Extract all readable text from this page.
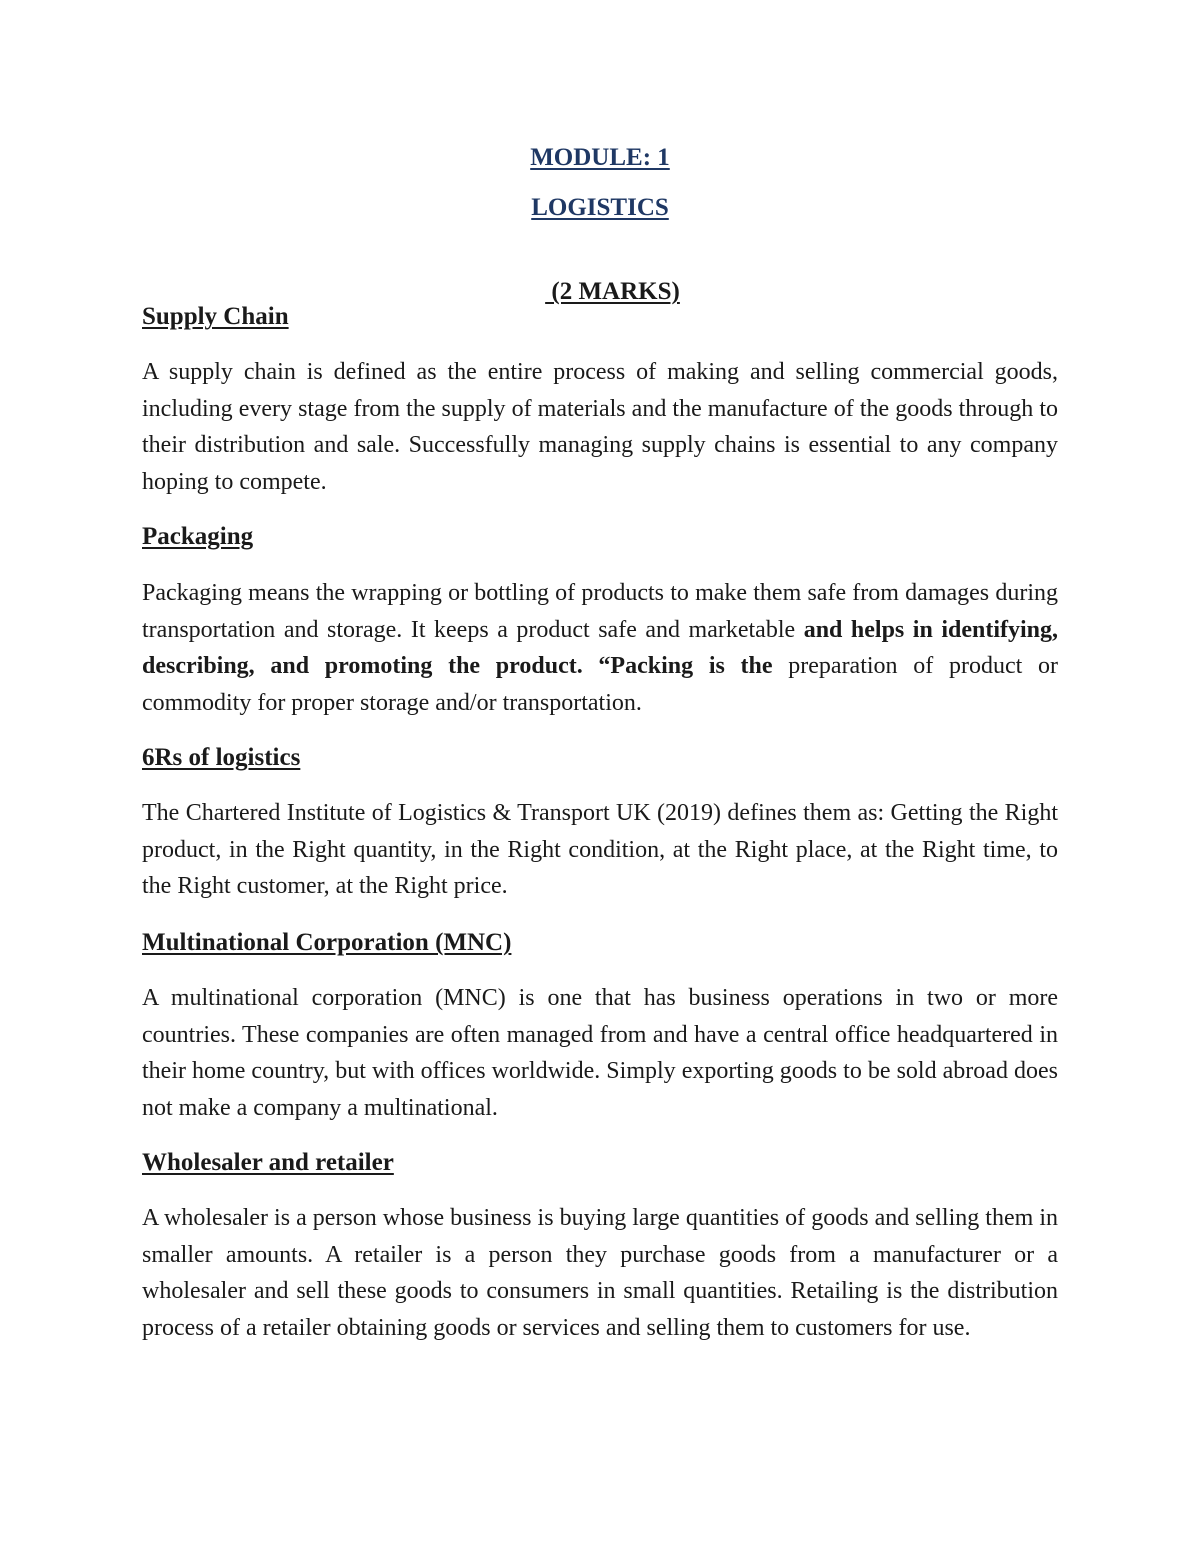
MODULE: 1
LOGISTICS

(2 MARKS)

Supply Chain

A supply chain is defined as the entire process of making and selling commercial goods, including every stage from the supply of materials and the manufacture of the goods through to their distribution and sale. Successfully managing supply chains is essential to any company hoping to compete.

Packaging

Packaging means the wrapping or bottling of products to make them safe from damages during transportation and storage. It keeps a product safe and marketable and helps in identifying, describing, and promoting the product. “Packing is the preparation of product or commodity for proper storage and/or transportation.

6Rs of logistics

The Chartered Institute of Logistics & Transport UK (2019) defines them as: Getting the Right product, in the Right quantity, in the Right condition, at the Right place, at the Right time, to the Right customer, at the Right price.

Multinational Corporation (MNC)

A multinational corporation (MNC) is one that has business operations in two or more countries. These companies are often managed from and have a central office headquartered in their home country, but with offices worldwide. Simply exporting goods to be sold abroad does not make a company a multinational.

Wholesaler and retailer

A wholesaler is a person whose business is buying large quantities of goods and selling them in smaller amounts. A retailer is a person they purchase goods from a manufacturer or a wholesaler and sell these goods to consumers in small quantities. Retailing is the distribution process of a retailer obtaining goods or services and selling them to customers for use.
